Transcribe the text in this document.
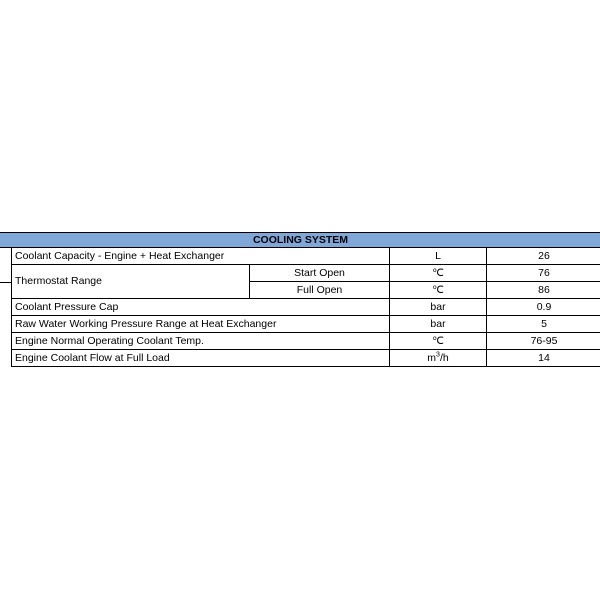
COOLING SYSTEM				
	Coolant Capacity - Engine + Heat Exchanger		L	26
	Thermostat Range	Start Open	℃	76
		Full Open	℃	86
	Coolant Pressure Cap		bar	0.9
	Raw Water Working Pressure Range at Heat Exchanger		bar	5
	Engine Normal Operating Coolant Temp.		℃	76-95
	Engine Coolant Flow at Full Load		$m^3/h$	14
